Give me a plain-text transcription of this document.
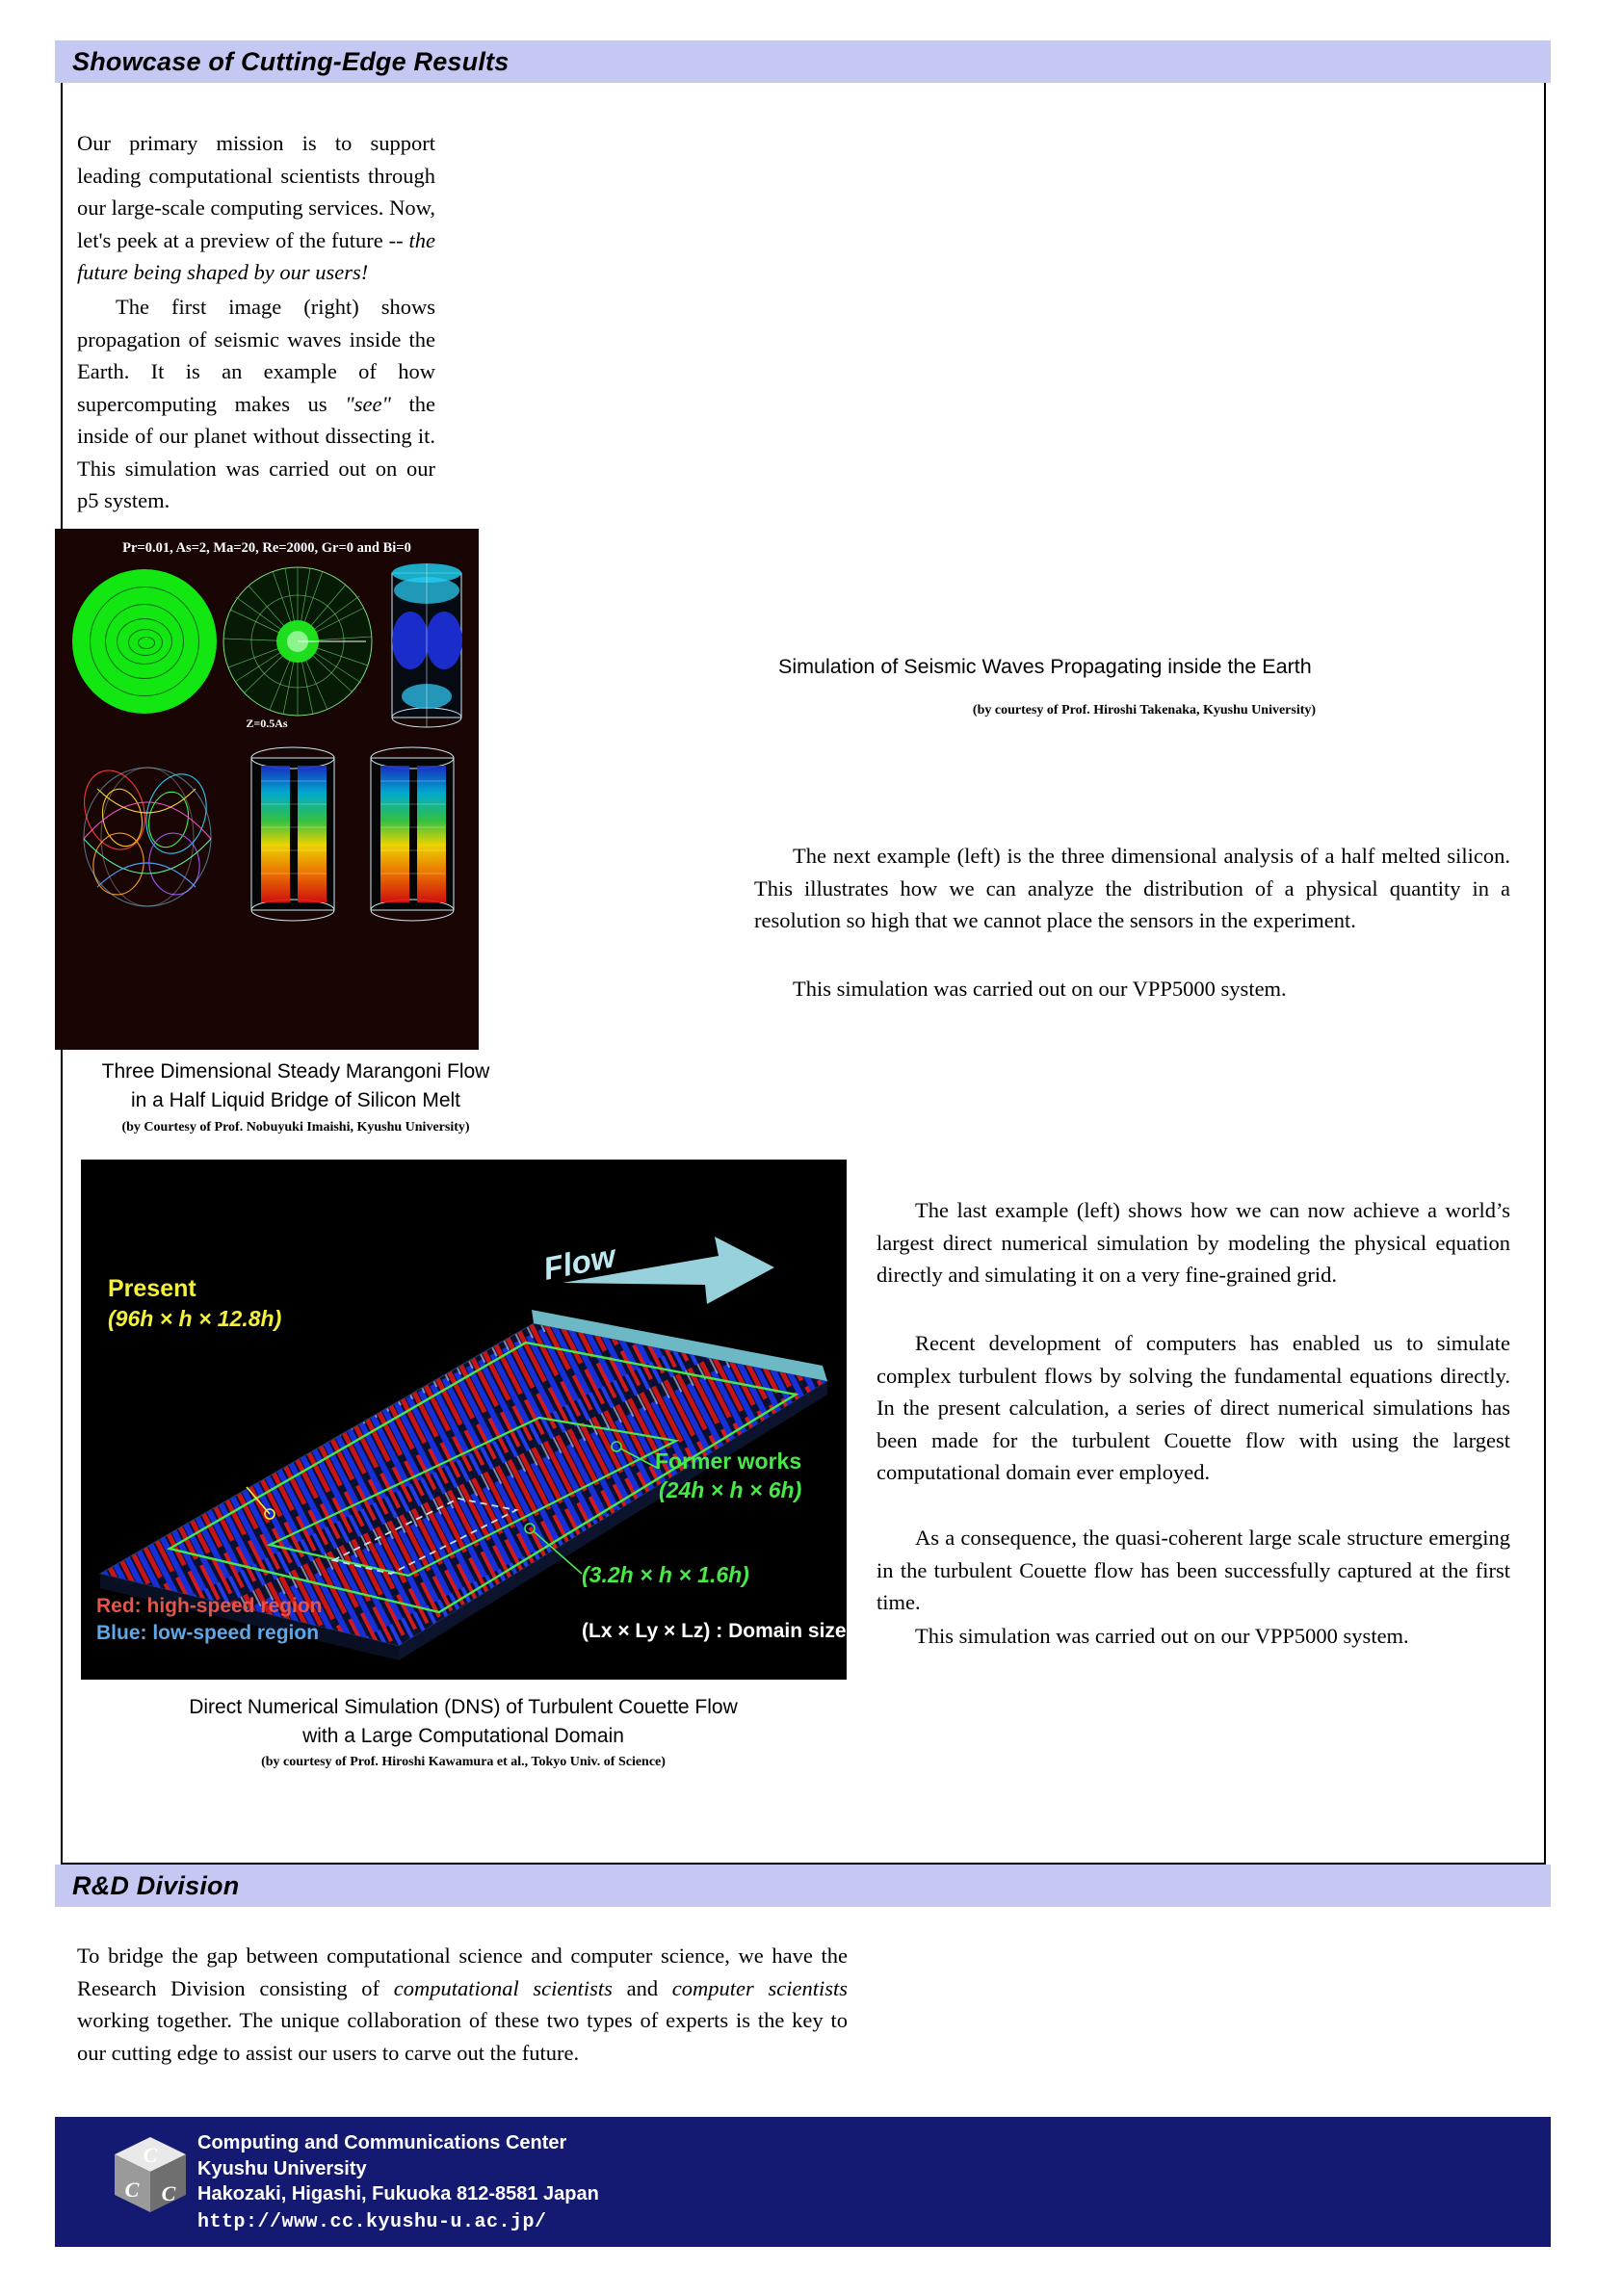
Showcase of Cutting-Edge Results
Our primary mission is to support leading computational scientists through our large-scale computing services. Now, let's peek at a preview of the future -- the future being shaped by our users!
The first image (right) shows propagation of seismic waves inside the Earth. It is an example of how supercomputing makes us "see" the inside of our planet without dissecting it. This simulation was carried out on our p5 system.
Pr=0.01, As=2, Ma=20, Re=2000, Gr=0 and Bi=0
Z=0.5As
Three Dimensional Steady Marangoni Flow
in a Half Liquid Bridge of Silicon Melt
(by Courtesy of Prof. Nobuyuki Imaishi, Kyushu University)
Simulation of Seismic Waves Propagating inside the Earth
(by courtesy of Prof. Hiroshi Takenaka, Kyushu University)
The next example (left) is the three dimensional analysis of a half melted silicon. This illustrates how we can analyze the distribution of a physical quantity in a resolution so high that we cannot place the sensors in the experiment.
This simulation was carried out on our VPP5000 system.
Flow
Present
(96h × h × 12.8h)
Former works
(24h × h × 6h)
(3.2h × h × 1.6h)
Red: high-speed region
Blue: low-speed region	(Lx × Ly × Lz) : Domain size
Direct Numerical Simulation (DNS) of Turbulent Couette Flow
with a Large Computational Domain
(by courtesy of Prof. Hiroshi Kawamura et al., Tokyo Univ. of Science)
The last example (left) shows how we can now achieve a world’s largest direct numerical simulation by modeling the physical equation directly and simulating it on a very fine-grained grid.
Recent development of computers has enabled us to simulate complex turbulent flows by solving the fundamental equations directly. In the present calculation, a series of direct numerical simulations has been made for the turbulent Couette flow with using the largest computational domain ever employed.
As a consequence, the quasi-coherent large scale structure emerging in the turbulent Couette flow has been successfully captured at the first time.
This simulation was carried out on our VPP5000 system.
R&D Division
To bridge the gap between computational science and computer science, we have the Research Division consisting of computational scientists and computer scientists working together. The unique collaboration of these two types of experts is the key to our cutting edge to assist our users to carve out the future.
C
C C
Computing and Communications Center
Kyushu University
Hakozaki, Higashi, Fukuoka 812-8581 Japan
http://www.cc.kyushu-u.ac.jp/
